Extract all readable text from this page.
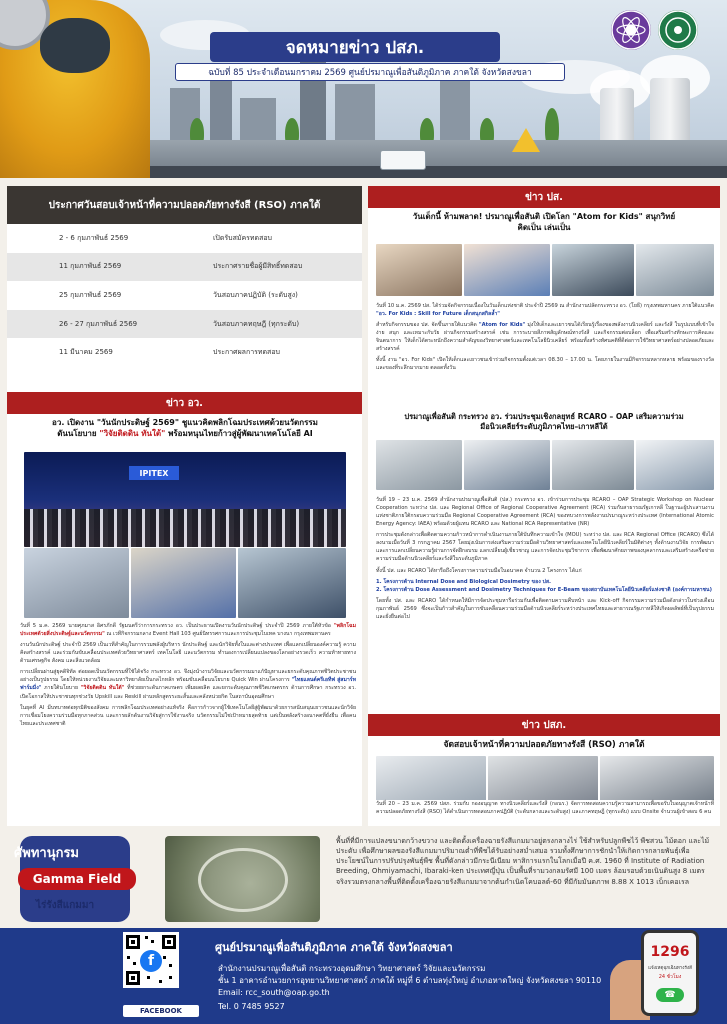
จดหมายข่าว ปสภ.
ฉบับที่ 85 ประจำเดือนมกราคม 2569 ศูนย์ปรมาณูเพื่อสันติภูมิภาค ภาคใต้ จังหวัดสงขลา
ประกาศวันสอบเจ้าหน้าที่ความปลอดภัยทางรังสี (RSO) ภาคใต้
2 - 6 กุมภาพันธ์ 2569	เปิดรับสมัครทดสอบ
11 กุมภาพันธ์ 2569	ประกาศรายชื่อผู้มีสิทธิ์ทดสอบ
25 กุมภาพันธ์ 2569	วันสอบภาคปฏิบัติ (ระดับสูง)
26 - 27 กุมภาพันธ์ 2569	วันสอบภาคทฤษฎี (ทุกระดับ)
11 มีนาคม 2569	ประกาศผลการทดสอบ
ข่าว อว.
อว. เปิดงาน "วันนักประดิษฐ์ 2569" ชูแนวคิดพลิกโฉมประเทศด้วยนวัตกรรม
ดันนโยบาย "วิจัยติดดิน ทันใต้" พร้อมหนุนไทยก้าวสู่ผู้พัฒนาเทคโนโลยี AI
IPITEX

วันที่ 5 ม.ค. 2569 นายศุภมาส อิศรภักดี รัฐมนตรีว่าการกระทรวง อว. เป็นประธานเปิดงานวันนักประดิษฐ์ ประจำปี 2569 ภายใต้หัวข้อ "พลิกโฉมประเทศด้วยสิ่งประดิษฐ์และนวัตกรรม" ณ เวทีกิจกรรมกลาง Event Hall 103 ศูนย์นิทรรศการและการประชุมไบเทค บางนา กรุงเทพมหานคร

งานวันนักประดิษฐ์ ประจำปี 2569 เป็นเวทีสำคัญในการรวมพลังผู้บริหาร นักประดิษฐ์ และนักวิจัยทั้งในและต่างประเทศ เพื่อแลกเปลี่ยนองค์ความรู้ ความคิดสร้างสรรค์ และร่วมกันขับเคลื่อนประเทศด้วยวิทยาศาสตร์ เทคโนโลยี และนวัตกรรม ทำนองการเปลี่ยนแปลงของโลกอย่างรวดเร็ว ความท้าทายทางด้านเศรษฐกิจ สังคม และสิ่งแวดล้อม

การเปลี่ยนผ่านสู่ยุคดิจิทัล ต่อยอดเป็นนวัตกรรมที่ใช้ได้จริง กระทรวง อว. จึงมุ่งนำงานวิจัยและนวัตกรรมมาแก้ปัญหาและยกระดับคุณภาพชีวิตประชาชนอย่างเป็นรูปธรรม โดยให้หน่วยงานวิจัยและมหาวิทยาลัยเป็นกลไกหลัก พร้อมขับเคลื่อนนโยบาย Quick Win ผ่านโครงการ "ไทยแลนด์ครีเอทีฟ สู่สมาร์ทฟาร์มมิ่ง" ภายใต้นโยบาย "วิจัยติดดิน ทันใต้" ที่ช่วยยกระดับภาคเกษตร เพิ่มผลผลิต และยกระดับคุณภาพชีวิตเกษตรกร ด้านการศึกษา กระทรวง อว. เปิดโอกาสให้ประชาชนทุกช่วงวัย Upskill และ Reskill ผ่านหลักสูตรระยะสั้นและคลังหน่วยกิต ในสถาบันอุดมศึกษา

ในยุคที่ AI มีบทบาทต่อทุกมิติของสังคม การพลิกโฉมประเทศอย่างแท้จริง คือการก้าวจากผู้ใช้เทคโนโลยีสู่ผู้พัฒนาด้วยการสนับสนุนเยาวชนและนักวิจัย การเชื่อมโยงความร่วมมือทุกภาคส่วน และการผลักดันงานวิจัยสู่การใช้งานจริง นวัตกรรมไม่ใช่เป้าหมายสุดท้าย แต่เป็นพลังสร้างอนาคตที่ยั่งยืน เพื่อคนไทยและประเทศชาติ

ข่าว ปส.
วันเด็กนี้ ห้ามพลาด! ปรมาณูเพื่อสันติ เปิดโลก "Atom for Kids" สนุกวิทย์
คิดเป็น เล่นเป็น

วันที่ 10 ม.ค. 2569 ปส. ได้ร่วมจัดกิจกรรมเนื่องในวันเด็กแห่งชาติ ประจำปี 2569 ณ สำนักงานปลัดกระทรวง อว. (โยธี) กรุงเทพมหานคร ภายใต้แนวคิด "อว. For Kids : Skill for Future เด็กสนุกสกิลล้ำ"

สำหรับกิจกรรมของ ปส. จัดขึ้นภายใต้แนวคิด "Atom for Kids" มุ่งให้เด็กและเยาวชนได้เรียนรู้เรื่องของพลังงานนิวเคลียร์ และรังสี ในรูปแบบที่เข้าใจง่าย สนุก และเหมาะกับวัย ผ่านกิจกรรมสร้างสรรค์ เช่น การระบายสีภาพสัญลักษณ์ทางรังสี และกิจกรรมต่อบล็อก เพื่อเสริมสร้างทักษะการคิดและจินตนาการ ให้เด็กได้ตระหนักถึงความสำคัญของวิทยาศาสตร์และเทคโนโลยีนิวเคลียร์ พร้อมทั้งสร้างทัศนคติที่ดีต่อการใช้วิทยาศาสตร์อย่างปลอดภัยและสร้างสรรค์

ทั้งนี้ งาน "อว. For Kids" เปิดให้เด็กและเยาวชนเข้าร่วมกิจกรรมตั้งแต่เวลา 08.30 – 17.00 น. โดยภายในงานมีกิจกรรมหลากหลาย พร้อมของรางวัลและของที่ระลึกมากมาย ตลอดทั้งวัน

ปรมาณูเพื่อสันติ กระทรวง อว. ร่วมประชุมเชิงกลยุทธ์ RCARO – OAP เสริมความร่วม
มือนิวเคลียร์ระดับภูมิภาคไทย–เกาหลีใต้

วันที่ 19 – 23 ม.ค. 2569 สำนักงานปรมาณูเพื่อสันติ (ปส.) กระทรวง อว. เข้าร่วมการประชุม RCARO – OAP Strategic Workshop on Nuclear Cooperation ระหว่าง ปส. และ Regional Office of Regional Cooperative Agreement (RCA) ร่วมกับสาธารณรัฐเกาหลี ในฐานะผู้ประสานงานแห่งชาติภายใต้กรอบความร่วมมือ Regional Cooperative Agreement (RCA) ของทบวงการพลังงานปรมาณูระหว่างประเทศ (International Atomic Energy Agency: IAEA) พร้อมด้วยผู้แทน RCARO และ National RCA Representative (NR)

การประชุมดังกล่าวเพื่อติดตามความก้าวหน้าการดำเนินงานภายใต้บันทึกความเข้าใจ (MOU) ระหว่าง ปส. และ RCA Regional Office (RCARO) ซึ่งได้ลงนามเมื่อวันที่ 3 กรกฎาคม 2567 โดยมุ่งเน้นการส่งเสริมความร่วมมือด้านวิทยาศาสตร์และเทคโนโลยีนิวเคลียร์ในมิติต่างๆ ทั้งด้านงานวิจัย การพัฒนา และการแลกเปลี่ยนความรู้ผ่านการจัดฝึกอบรม แลกเปลี่ยนผู้เชี่ยวชาญ และการจัดประชุมวิชาการ เพื่อพัฒนาศักยภาพของบุคลากรและเสริมสร้างเครือข่ายความร่วมมือด้านนิวเคลียร์และรังสีในระดับภูมิภาค

ทั้งนี้ ปส. และ RCARO ได้หารือถึงโครงการความร่วมมือในอนาคต จำนวน 2 โครงการ ได้แก่

1. โครงการด้าน Internal Dose and Biological Dosimetry ของ ปส.

2. โครงการด้าน Dose Assessment and Dosimetry Techniques for E-Beam ของสถาบันเทคโนโลยีนิวเคลียร์แห่งชาติ (องค์การมหาชน)

โดยทั้ง ปส. และ RCARO ได้กำหนดให้มีการจัดประชุมหารือร่วมกันเพื่อติดตามความคืบหน้า และ Kick-off กิจกรรมความร่วมมือดังกล่าวในช่วงเดือนกุมภาพันธ์ 2569 ซึ่งจะเป็นก้าวสำคัญในการขับเคลื่อนความร่วมมือด้านนิวเคลียร์ระหว่างประเทศไทยและสาธารณรัฐเกาหลีให้เกิดผลลัพธ์ที่เป็นรูปธรรมและยั่งยืนต่อไป

ข่าว ปสภ.
จัดสอบเจ้าหน้าที่ความปลอดภัยทางรังสี (RSO) ภาคใต้
ศัพทานุกรม
Gamma Field
ไร่รังสีแกมมา
พื้นที่ที่มีการแปลงขนาดกว้างขวาง และติดตั้งเครื่องฉายรังสีแกมมาอยู่ตรงกลางไร่ ใช้สำหรับปลูกพืชไว้ พืชสวน ไม้ดอก และไม้ประดับ เพื่อศึกษาผลของรังสีแกมมาปริมาณต่ำที่พืชได้รับอย่างสม่ำเสมอ รวมทั้งศึกษาการชักนำให้เกิดการกลายพันธุ์เพื่อประโยชน์ในการปรับปรุงพันธุ์พืช พื้นที่ดังกล่าวมีกระนีเนียม หาสิการแรกในโลกเมื่อปี ค.ศ. 1960 ที่ Institute of Radiation Breeding, Ohmiyamachi, Ibaraki-ken ประเทศญี่ปุ่น เป็นพื้นที่รามวงกลมรัศมี 100 เมตร ล้อมรอบด้วยเนินดินสูง 8 เมตร จริงรวมตรงกลางพื้นที่ติดตั้งเครื่องฉายรังสีแกมมาจากต้นกำเนิดโคบอลต์-60 ที่มีกัมมันตภาพ 8.88 X 1013 เบ็กเคอเรล
f
FACEBOOK
ศูนย์ปรมาณูเพื่อสันติภูมิภาค ภาคใต้ จังหวัดสงขลา
สำนักงานปรมาณูเพื่อสันติ กระทรวงอุดมศึกษา วิทยาศาสตร์ วิจัยและนวัตกรรม
ชั้น 1 อาคารอำนวยการอุทยานวิทยาศาสตร์ ภาคใต้ หมู่ที่ 6 ตำบลทุ่งใหญ่ อำเภอหาดใหญ่ จังหวัดสงขลา 90110
Email: rcc_south@oap.go.th
Tel. 0 7485 9527
1296
แจ้งเหตุฉุกเฉินทางรังสี
24 ชั่วโมง
☎

วันที่ 20 – 23 ม.ค. 2569 ปสภ. ร่วมกับ กองอนุญาต ทางนิวเคลียร์และรังสี (กอนร.) จัดการทดสอบความรู้ความสามารถเพื่อขอรับใบอนุญาตเจ้าหน้าที่ความปลอดภัยทางรังสี (RSO) ได้ดำเนินการทดสอบภาคปฏิบัติ (ระดับกลางและระดับสูง) และภาคทฤษฎี (ทุกระดับ) แบบ Onsite จำนวนผู้เข้าสอบ 6 คน
